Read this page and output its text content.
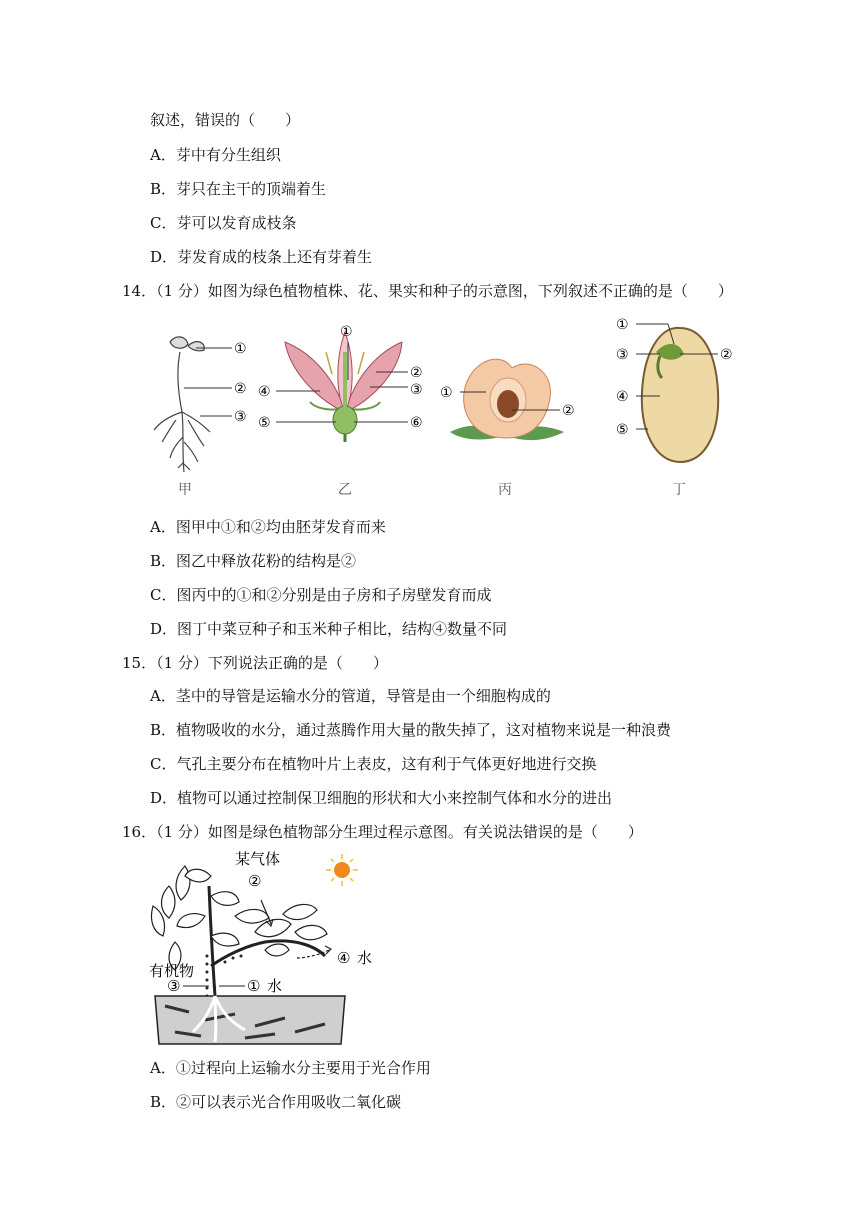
叙述，错误的（　　）
A．芽中有分生组织
B．芽只在主干的顶端着生
C．芽可以发育成枝条
D．芽发育成的枝条上还有芽着生
14．（1 分）如图为绿色植物植株、花、果实和种子的示意图，下列叙述不正确的是（　　）
①
②
③
①
②
④	③
⑤	⑥
①
②
①
③	②
④
⑤
甲	乙	丙	丁
A．图甲中①和②均由胚芽发育而来
B．图乙中释放花粉的结构是②
C．图丙中的①和②分别是由子房和子房壁发育而成
D．图丁中菜豆种子和玉米种子相比，结构④数量不同
15．（1 分）下列说法正确的是（　　）
A．茎中的导管是运输水分的管道，导管是由一个细胞构成的
B．植物吸收的水分，通过蒸腾作用大量的散失掉了，这对植物来说是一种浪费
C．气孔主要分布在植物叶片上表皮，这有利于气体更好地进行交换
D．植物可以通过控制保卫细胞的形状和大小来控制气体和水分的进出
16．（1 分）如图是绿色植物部分生理过程示意图。有关说法错误的是（　　）
某气体
②
④ 水
有机物
③	① 水
A．①过程向上运输水分主要用于光合作用
B．②可以表示光合作用吸收二氧化碳
